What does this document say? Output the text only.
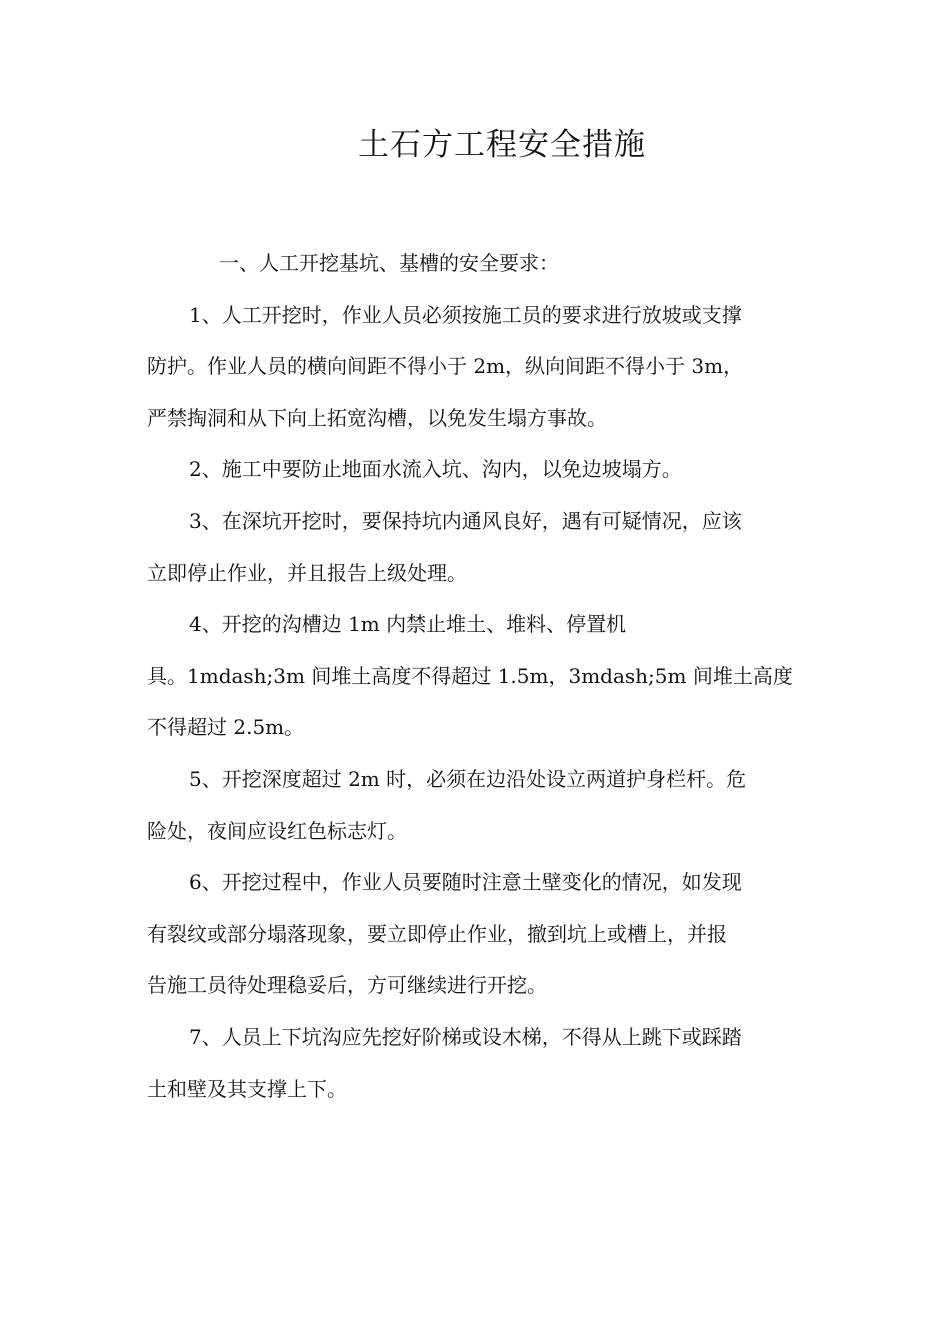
土石方工程安全措施
一、人工开挖基坑、基槽的安全要求：
1、人工开挖时，作业人员必须按施工员的要求进行放坡或支撑
防护。作业人员的横向间距不得小于 2m，纵向间距不得小于 3m，
严禁掏洞和从下向上拓宽沟槽，以免发生塌方事故。
2、施工中要防止地面水流入坑、沟内，以免边坡塌方。
3、在深坑开挖时，要保持坑内通风良好，遇有可疑情况，应该
立即停止作业，并且报告上级处理。
4、开挖的沟槽边 1m 内禁止堆土、堆料、停置机
具。1mdash;3m 间堆土高度不得超过 1.5m，3mdash;5m 间堆土高度
不得超过 2.5m。
5、开挖深度超过 2m 时，必须在边沿处设立两道护身栏杆。危
险处，夜间应设红色标志灯。
6、开挖过程中，作业人员要随时注意土壁变化的情况，如发现
有裂纹或部分塌落现象，要立即停止作业，撤到坑上或槽上，并报
告施工员待处理稳妥后，方可继续进行开挖。
7、人员上下坑沟应先挖好阶梯或设木梯，不得从上跳下或踩踏
土和壁及其支撑上下。
